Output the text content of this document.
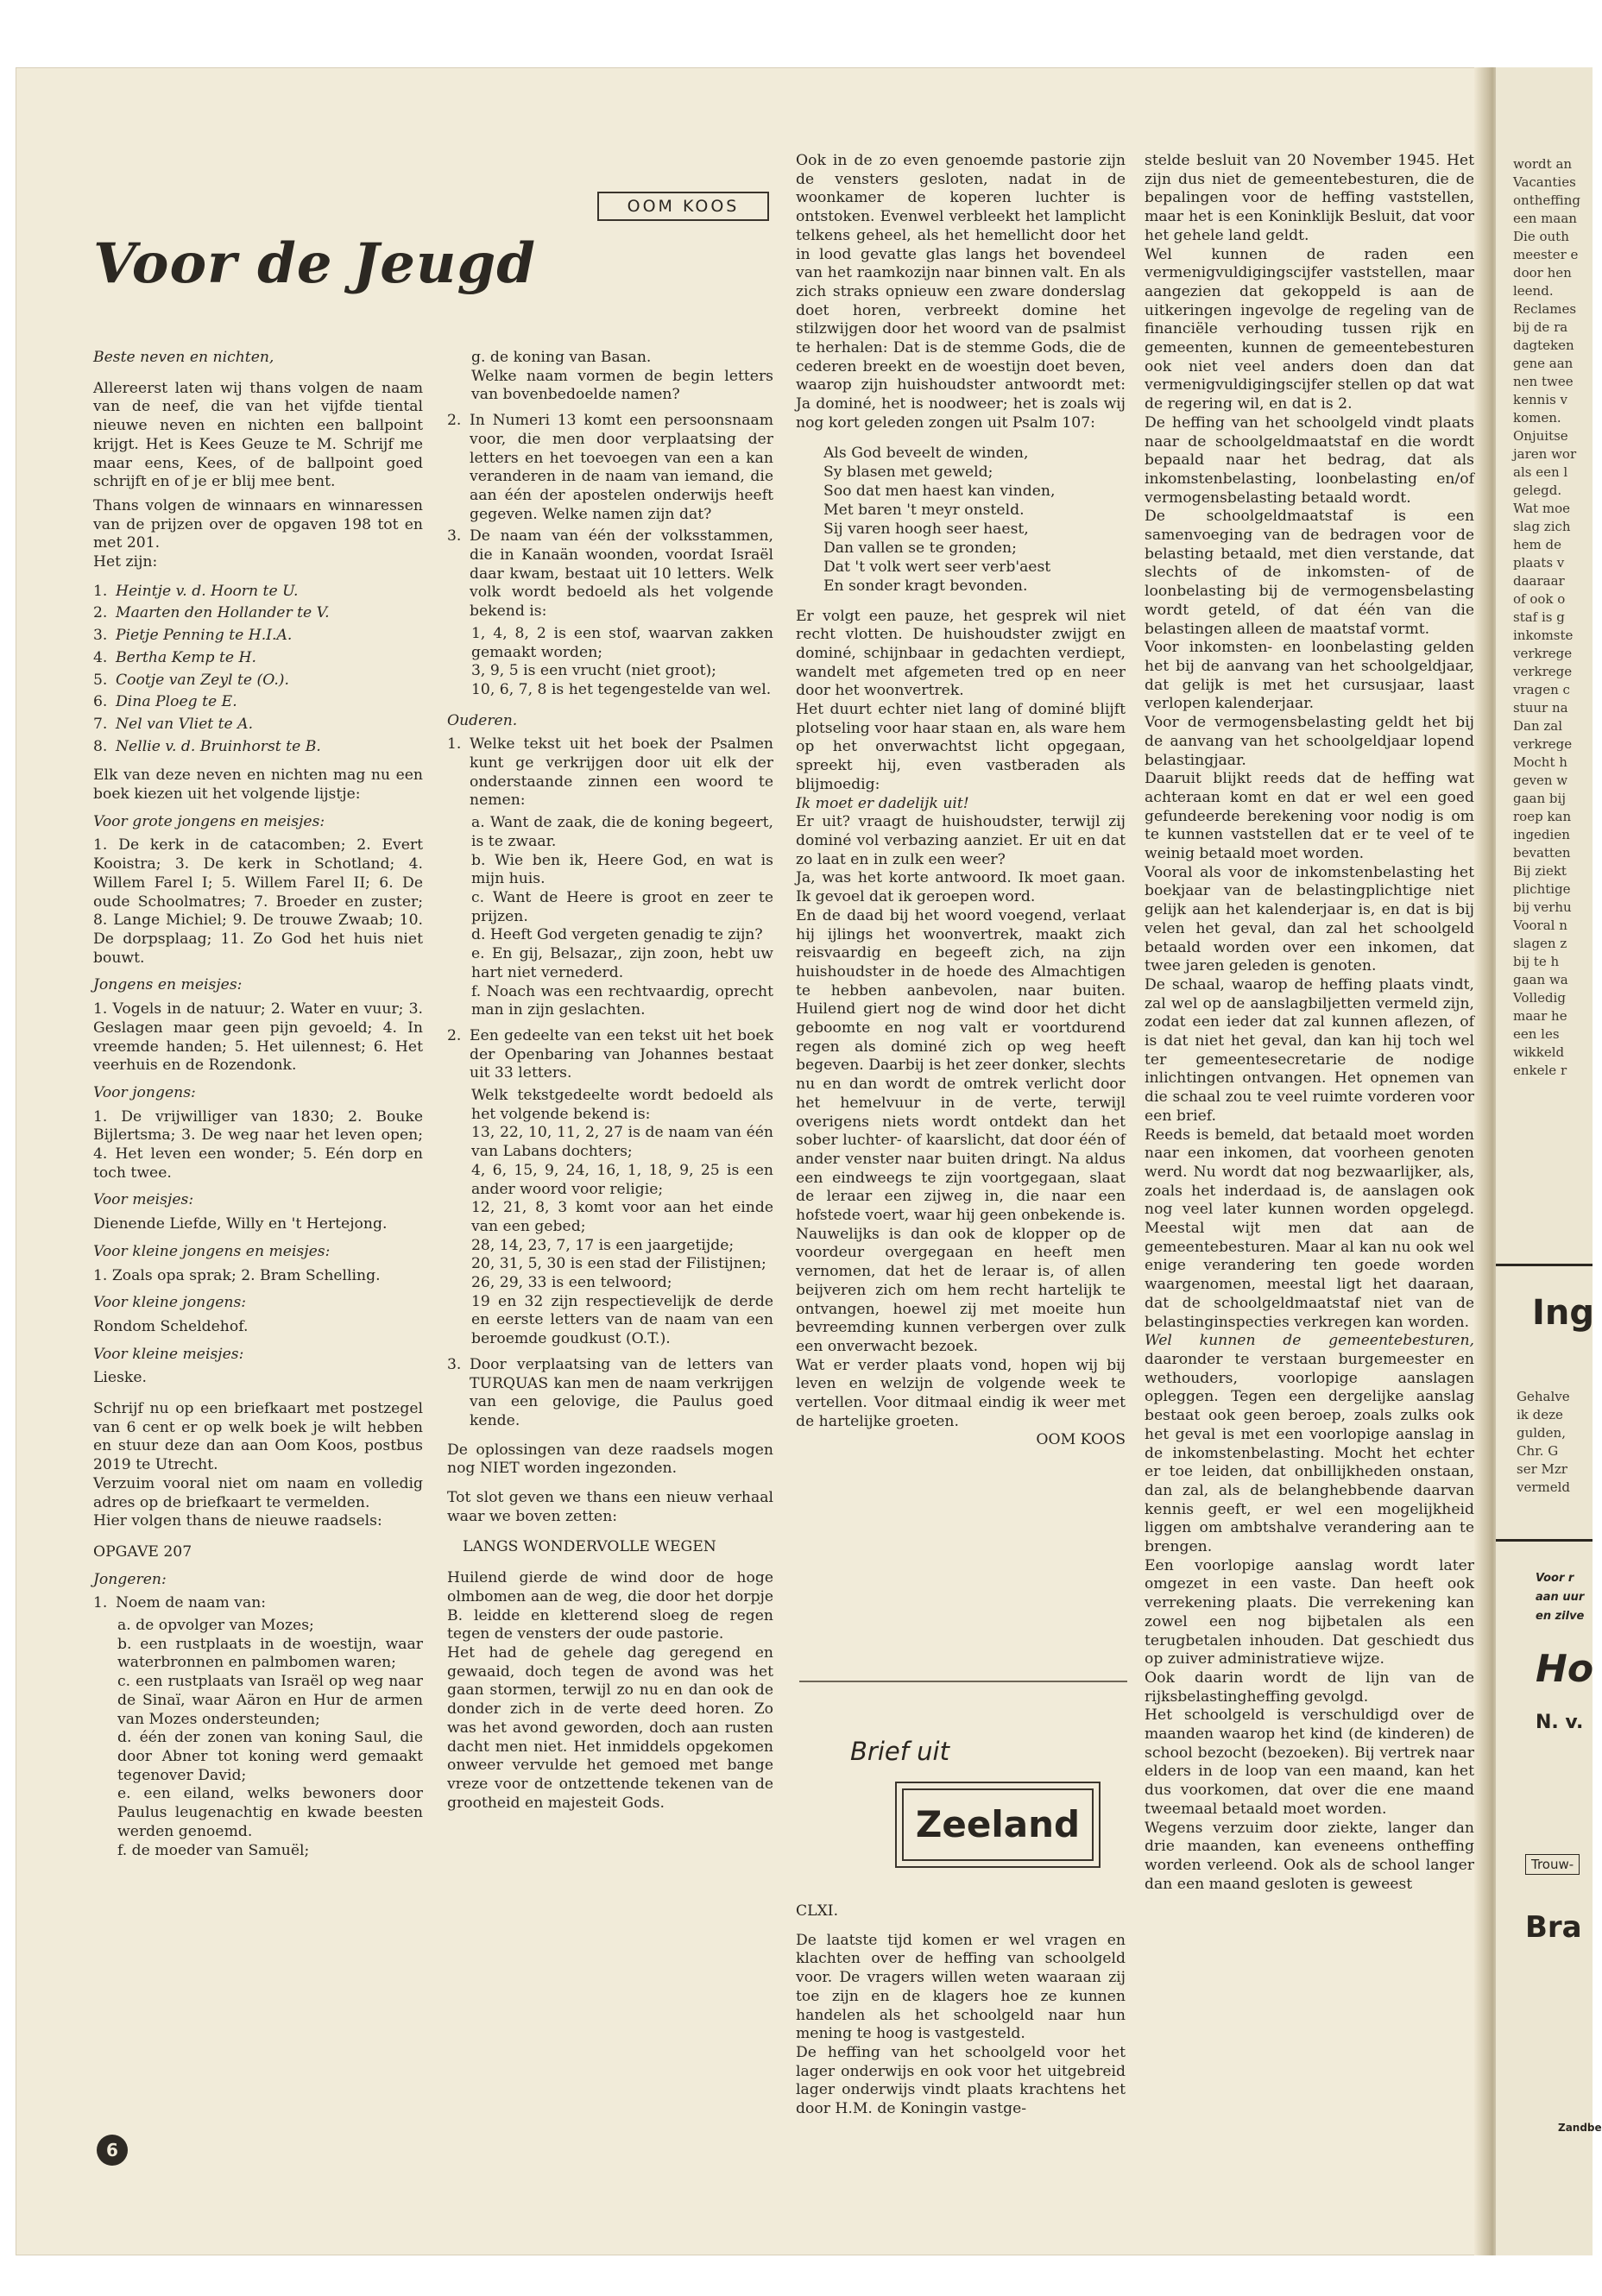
OOM KOOS
Voor de Jeugd

Beste neven en nichten,

Allereerst laten wij thans volgen de naam van de neef, die van het vijfde tiental nieuwe neven en nichten een ballpoint krijgt. Het is Kees Geuze te M. Schrijf me maar eens, Kees, of de ballpoint goed schrijft en of je er blij mee bent.

Thans volgen de winnaars en winnaressen van de prijzen over de opgaven 198 tot en met 201.

Het zijn:

1. Heintje v. d. Hoorn te U.
2. Maarten den Hollander te V.
3. Pietje Penning te H.I.A.
4. Bertha Kemp te H.
5. Cootje van Zeyl te (O.).
6. Dina Ploeg te E.
7. Nel van Vliet te A.
8. Nellie v. d. Bruinhorst te B.

Elk van deze neven en nichten mag nu een boek kiezen uit het volgende lijstje:

Voor grote jongens en meisjes:

1. De kerk in de catacomben; 2. Evert Kooistra; 3. De kerk in Schotland; 4. Willem Farel I; 5. Willem Farel II; 6. De oude Schoolmatres; 7. Broeder en zuster; 8. Lange Michiel; 9. De trouwe Zwaab; 10. De dorpsplaag; 11. Zo God het huis niet bouwt.

Jongens en meisjes:

1. Vogels in de natuur; 2. Water en vuur; 3. Geslagen maar geen pijn gevoeld; 4. In vreemde handen; 5. Het uilennest; 6. Het veerhuis en de Rozendonk.

Voor jongens:

1. De vrijwilliger van 1830; 2. Bouke Bijlertsma; 3. De weg naar het leven open; 4. Het leven een wonder; 5. Eén dorp en toch twee.

Voor meisjes:

Dienende Liefde, Willy en 't Hertejong.

Voor kleine jongens en meisjes:

1. Zoals opa sprak; 2. Bram Schelling.

Voor kleine jongens:

Rondom Scheldehof.

Voor kleine meisjes:

Lieske.

Schrijf nu op een briefkaart met postzegel van 6 cent er op welk boek je wilt hebben en stuur deze dan aan Oom Koos, postbus 2019 te Utrecht.

Verzuim vooral niet om naam en volledig adres op de briefkaart te vermelden.

Hier volgen thans de nieuwe raadsels:

OPGAVE 207

Jongeren:
1. Noem de naam van:
a. de opvolger van Mozes;
b. een rustplaats in de woestijn, waar waterbronnen en palmbomen waren;
c. een rustplaats van Israël op weg naar de Sinaï, waar Aäron en Hur de armen van Mozes ondersteunden;
d. één der zonen van koning Saul, die door Abner tot koning werd gemaakt tegenover David;
e. een eiland, welks bewoners door Paulus leugenachtig en kwade beesten werden genoemd.
f. de moeder van Samuël;
g. de koning van Basan.
Welke naam vormen de begin letters van bovenbedoelde namen?
2. In Numeri 13 komt een persoonsnaam voor, die men door verplaatsing der letters en het toevoegen van een a kan veranderen in de naam van iemand, die aan één der apostelen onderwijs heeft gegeven. Welke namen zijn dat?
3. De naam van één der volksstammen, die in Kanaän woonden, voordat Israël daar kwam, bestaat uit 10 letters. Welk volk wordt bedoeld als het volgende bekend is:
1, 4, 8, 2 is een stof, waarvan zakken gemaakt worden;
3, 9, 5 is een vrucht (niet groot);
10, 6, 7, 8 is het tegengestelde van wel.
Ouderen.
1. Welke tekst uit het boek der Psalmen kunt ge verkrijgen door uit elk der onderstaande zinnen een woord te nemen:
a. Want de zaak, die de koning begeert, is te zwaar.
b. Wie ben ik, Heere God, en wat is mijn huis.
c. Want de Heere is groot en zeer te prijzen.
d. Heeft God vergeten genadig te zijn?
e. En gij, Belsazar,, zijn zoon, hebt uw hart niet vernederd.
f. Noach was een rechtvaardig, oprecht man in zijn geslachten.
2. Een gedeelte van een tekst uit het boek der Openbaring van Johannes bestaat uit 33 letters.
Welk tekstgedeelte wordt bedoeld als het volgende bekend is:
13, 22, 10, 11, 2, 27 is de naam van één van Labans dochters;
4, 6, 15, 9, 24, 16, 1, 18, 9, 25 is een ander woord voor religie;
12, 21, 8, 3 komt voor aan het einde van een gebed;
28, 14, 23, 7, 17 is een jaargetijde;
20, 31, 5, 30 is een stad der Filistijnen;
26, 29, 33 is een telwoord;
19 en 32 zijn respectievelijk de derde en eerste letters van de naam van een beroemde goudkust (O.T.).
3. Door verplaatsing van de letters van TURQUAS kan men de naam verkrijgen van een gelovige, die Paulus goed kende.

De oplossingen van deze raadsels mogen nog NIET worden ingezonden.

Tot slot geven we thans een nieuw verhaal waar we boven zetten:

LANGS WONDERVOLLE WEGEN

Huilend gierde de wind door de hoge olmbomen aan de weg, die door het dorpje B. leidde en kletterend sloeg de regen tegen de vensters der oude pastorie.

Het had de gehele dag geregend en gewaaid, doch tegen de avond was het gaan stormen, terwijl zo nu en dan ook de donder zich in de verte deed horen. Zo was het avond geworden, doch aan rusten dacht men niet. Het inmiddels opgekomen onweer vervulde het gemoed met bange vreze voor de ontzettende tekenen van de grootheid en majesteit Gods.

Ook in de zo even genoemde pastorie zijn de vensters gesloten, nadat in de woonkamer de koperen luchter is ontstoken. Evenwel verbleekt het lamplicht telkens geheel, als het hemellicht door het in lood gevatte glas langs het bovendeel van het raamkozijn naar binnen valt. En als zich straks opnieuw een zware donderslag doet horen, verbreekt domine het stilzwijgen door het woord van de psalmist te herhalen: Dat is de stemme Gods, die de cederen breekt en de woestijn doet beven, waarop zijn huishoudster antwoordt met: Ja dominé, het is noodweer; het is zoals wij nog kort geleden zongen uit Psalm 107:

Als God beveelt de winden,
Sy blasen met geweld;
Soo dat men haest kan vinden,
Met baren 't meyr onsteld.
Sij varen hoogh seer haest,
Dan vallen se te gronden;
Dat 't volk wert seer verb'aest
En sonder kragt bevonden.

Er volgt een pauze, het gesprek wil niet recht vlotten. De huishoudster zwijgt en dominé, schijnbaar in gedachten verdiept, wandelt met afgemeten tred op en neer door het woonvertrek.

Het duurt echter niet lang of dominé blijft plotseling voor haar staan en, als ware hem op het onverwachtst licht opgegaan, spreekt hij, even vastberaden als blijmoedig:

Ik moet er dadelijk uit!

Er uit? vraagt de huishoudster, terwijl zij dominé vol verbazing aanziet. Er uit en dat zo laat en in zulk een weer?

Ja, was het korte antwoord. Ik moet gaan. Ik gevoel dat ik geroepen word.

En de daad bij het woord voegend, verlaat hij ijlings het woonvertrek, maakt zich reisvaardig en begeeft zich, na zijn huishoudster in de hoede des Almachtigen te hebben aanbevolen, naar buiten. Huilend giert nog de wind door het dicht geboomte en nog valt er voortdurend regen als dominé zich op weg heeft begeven. Daarbij is het zeer donker, slechts nu en dan wordt de omtrek verlicht door het hemelvuur in de verte, terwijl overigens niets wordt ontdekt dan het sober luchter- of kaarslicht, dat door één of ander venster naar buiten dringt. Na aldus een eindweegs te zijn voortgegaan, slaat de leraar een zijweg in, die naar een hofstede voert, waar hij geen onbekende is. Nauwelijks is dan ook de klopper op de voordeur overgegaan en heeft men vernomen, dat het de leraar is, of allen beijveren zich om hem recht hartelijk te ontvangen, hoewel zij met moeite hun bevreemding kunnen verbergen over zulk een onverwacht bezoek.

Wat er verder plaats vond, hopen wij bij leven en welzijn de volgende week te vertellen. Voor ditmaal eindig ik weer met de hartelijke groeten.

OOM KOOS

Brief uit
Zeeland

CLXI.

De laatste tijd komen er wel vragen en klachten over de heffing van schoolgeld voor. De vragers willen weten waaraan zij toe zijn en de klagers hoe ze kunnen handelen als het schoolgeld naar hun mening te hoog is vastgesteld.

De heffing van het schoolgeld voor het lager onderwijs en ook voor het uitgebreid lager onderwijs vindt plaats krachtens het door H.M. de Koningin vastge-

stelde besluit van 20 November 1945. Het zijn dus niet de gemeentebesturen, die de bepalingen voor de heffing vaststellen, maar het is een Koninklijk Besluit, dat voor het gehele land geldt.

Wel kunnen de raden een vermenigvuldigingscijfer vaststellen, maar aangezien dat gekoppeld is aan de uitkeringen ingevolge de regeling van de financiële verhouding tussen rijk en gemeenten, kunnen de gemeentebesturen ook niet veel anders doen dan dat vermenigvuldigingscijfer stellen op dat wat de regering wil, en dat is 2.

De heffing van het schoolgeld vindt plaats naar de schoolgeldmaatstaf en die wordt bepaald naar het bedrag, dat als inkomstenbelasting, loonbelasting en/of vermogensbelasting betaald wordt.

De schoolgeldmaatstaf is een samenvoeging van de bedragen voor de belasting betaald, met dien verstande, dat slechts of de inkomsten- of de loonbelasting bij de vermogensbelasting wordt geteld, of dat één van die belastingen alleen de maatstaf vormt.

Voor inkomsten- en loonbelasting gelden het bij de aanvang van het schoolgeldjaar, dat gelijk is met het cursusjaar, laast verlopen kalenderjaar.

Voor de vermogensbelasting geldt het bij de aanvang van het schoolgeldjaar lopend belastingjaar.

Daaruit blijkt reeds dat de heffing wat achteraan komt en dat er wel een goed gefundeerde berekening voor nodig is om te kunnen vaststellen dat er te veel of te weinig betaald moet worden.

Vooral als voor de inkomstenbelasting het boekjaar van de belastingplichtige niet gelijk aan het kalenderjaar is, en dat is bij velen het geval, dan zal het schoolgeld betaald worden over een inkomen, dat twee jaren geleden is genoten.

De schaal, waarop de heffing plaats vindt, zal wel op de aanslagbiljetten vermeld zijn, zodat een ieder dat zal kunnen aflezen, of is dat niet het geval, dan kan hij toch wel ter gemeentesecretarie de nodige inlichtingen ontvangen. Het opnemen van die schaal zou te veel ruimte vorderen voor een brief.

Reeds is bemeld, dat betaald moet worden naar een inkomen, dat voorheen genoten werd. Nu wordt dat nog bezwaarlijker, als, zoals het inderdaad is, de aanslagen ook nog veel later kunnen worden opgelegd. Meestal wijt men dat aan de gemeentebesturen. Maar al kan nu ook wel enige verandering ten goede worden waargenomen, meestal ligt het daaraan, dat de schoolgeldmaatstaf niet van de belastinginspecties verkregen kan worden.

Wel kunnen de gemeentebesturen, daaronder te verstaan burgemeester en wethouders, voorlopige aanslagen opleggen. Tegen een dergelijke aanslag bestaat ook geen beroep, zoals zulks ook het geval is met een voorlopige aanslag in de inkomstenbelasting. Mocht het echter er toe leiden, dat onbillijkheden onstaan, dan zal, als de belanghebbende daarvan kennis geeft, er wel een mogelijkheid liggen om ambtshalve verandering aan te brengen.

Een voorlopige aanslag wordt later omgezet in een vaste. Dan heeft ook verrekening plaats. Die verrekening kan zowel een nog bijbetalen als een terugbetalen inhouden. Dat geschiedt dus op zuiver administratieve wijze.

Ook daarin wordt de lijn van de rijksbelastingheffing gevolgd.

Het schoolgeld is verschuldigd over de maanden waarop het kind (de kinderen) de school bezocht (bezoeken). Bij vertrek naar elders in de loop van een maand, kan het dus voorkomen, dat over die ene maand tweemaal betaald moet worden.

Wegens verzuim door ziekte, langer dan drie maanden, kan eveneens ontheffing worden verleend. Ook als de school langer dan een maand gesloten is geweest

6
wordt an
Vacanties
ontheffing
een maan
Die outh
meester e
door hen
leend.
Reclames
bij de ra
dagteken
gene aan
nen twee
kennis v
komen.
Onjuitse
jaren wor
als een l
gelegd.
Wat moe
slag zich
hem de
plaats v
daaraar
of ook o
staf is g
inkomste
verkrege
verkrege
vragen c
stuur na
Dan zal
verkrege
Mocht h
geven w
gaan bij
roep kan
ingedien
bevatten
Bij ziekt
plichtige
bij verhu
Vooral n
slagen z
bij te h
gaan wa
Volledig
maar he
een les
wikkeld
enkele r
Ing
Gehalve
ik deze
gulden,
Chr. G
ser Mzr
vermeld
Voor r
aan uur
en zilve
Ho
N. v.
Trouw-
Bra
Zandbe
